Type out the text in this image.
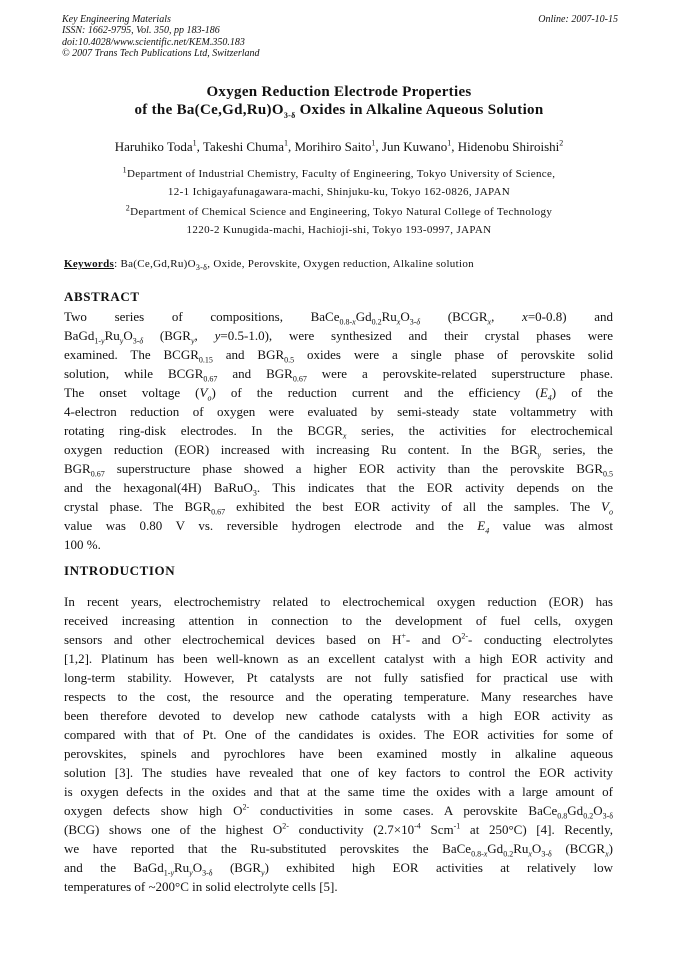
Key Engineering Materials
ISSN: 1662-9795, Vol. 350, pp 183-186
doi:10.4028/www.scientific.net/KEM.350.183
© 2007 Trans Tech Publications Ltd, Switzerland
Online: 2007-10-15
Oxygen Reduction Electrode Properties
of the $Ba(Ce,Gd,Ru)O_{3-\delta}$ Oxides in Alkaline Aqueous Solution
Haruhiko Toda$^1$, Takeshi Chuma$^1$, Morihiro Saito$^1$, Jun Kuwano$^1$, Hidenobu Shiroishi$^2$
$^1$Department of Industrial Chemistry, Faculty of Engineering, Tokyo University of Science,
12-1 Ichigayafunagawara-machi, Shinjuku-ku, Tokyo 162-0826, JAPAN
$^2$Department of Chemical Science and Engineering, Tokyo Natural College of Technology
1220-2 Kunugida-machi, Hachioji-shi, Tokyo 193-0997, JAPAN
Keywords: $Ba(Ce,Gd,Ru)O_{3-\delta}$, Oxide, Perovskite, Oxygen reduction, Alkaline solution
ABSTRACT
Two series of compositions, $BaCe_{0.8-x}Gd_{0.2}Ru_xO_{3-\delta}$ ($BCGR_x$, x=0-0.8) and
$BaGd_{1-y}Ru_yO_{3-\delta}$ ($BGR_y$, y=0.5-1.0), were synthesized and their crystal phases were
examined. The $BCGR_{0.15}$ and $BGR_{0.5}$ oxides were a single phase of perovskite solid
solution, while $BCGR_{0.67}$ and $BGR_{0.67}$ were a perovskite-related superstructure phase.
The onset voltage $(V_o)$ of the reduction current and the efficiency $(E_4)$ of the
4-electron reduction of oxygen were evaluated by semi-steady state voltammetry with
rotating ring-disk electrodes. In the $BCGR_x$ series, the activities for electrochemical
oxygen reduction (EOR) increased with increasing Ru content. In the $BGR_y$ series, the
$BGR_{0.67}$ superstructure phase showed a higher EOR activity than the perovskite $BGR_{0.5}$
and the hexagonal(4H) BaRuO$_3$. This indicates that the EOR activity depends on the
crystal phase. The $BGR_{0.67}$ exhibited the best EOR activity of all the samples. The $V_o$
value was 0.80 V vs. reversible hydrogen electrode and the $E_4$ value was almost
100 %.
INTRODUCTION
In recent years, electrochemistry related to electrochemical oxygen reduction (EOR) has
received increasing attention in connection to the development of fuel cells, oxygen
sensors and other electrochemical devices based on H+- and $O^{2-}-$ conducting electrolytes
[1,2]. Platinum has been well-known as an excellent catalyst with a high EOR activity and
long-term stability. However, Pt catalysts are not fully satisfied for practical use with
respects to the cost, the resource and the operating temperature. Many researches have
been therefore devoted to develop new cathode catalysts with a high EOR activity as
compared with that of Pt. One of the candidates is oxides. The EOR activities for some of
perovskites, spinels and pyrochlores have been examined mostly in alkaline aqueous
solution [3]. The studies have revealed that one of key factors to control the EOR activity
is oxygen defects in the oxides and that at the same time the oxides with a large amount of
oxygen defects show high $O^{2-}$ conductivities in some cases. A perovskite $BaCe_{0.8}Gd_{0.2}O_{3-\delta}$
(BCG) shows one of the highest $O^{2-}$ conductivity ($2.7\times 10^{-4}$ Scm$^{-1}$ at 250°C) [4]. Recently,
we have reported that the Ru-substituted perovskites the $BaCe_{0.8-x}Gd_{0.2}Ru_xO_{3-\delta}$ $(BCGR_x)$
and the $BaGd_{1-y}Ru_yO_{3-\delta}$ $(BGR_y)$ exhibited high EOR activities at relatively low
temperatures of ~200°C in solid electrolyte cells [5].
